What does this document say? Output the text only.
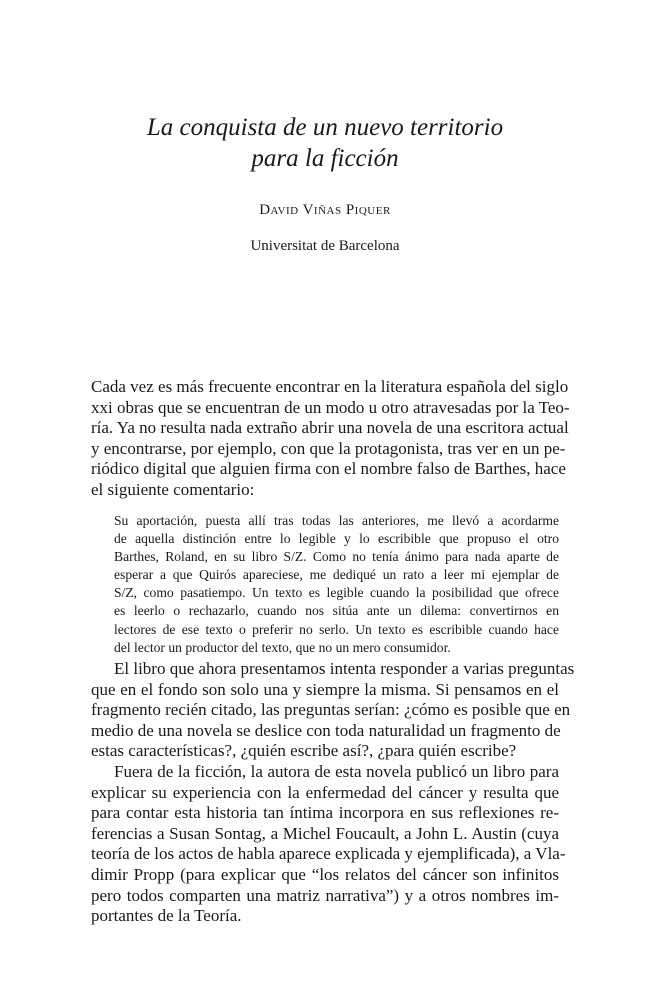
La conquista de un nuevo territorio
para la ficción
David Viñas Piquer
Universitat de Barcelona
Cada vez es más frecuente encontrar en la literatura española del siglo
xxi obras que se encuentran de un modo u otro atravesadas por la Teo-
ría. Ya no resulta nada extraño abrir una novela de una escritora actual
y encontrarse, por ejemplo, con que la protagonista, tras ver en un pe-
riódico digital que alguien firma con el nombre falso de Barthes, hace
el siguiente comentario:
Su aportación, puesta allí tras todas las anteriores, me llevó a acordarme
de aquella distinción entre lo legible y lo escribible que propuso el otro
Barthes, Roland, en su libro S/Z. Como no tenía ánimo para nada aparte de
esperar a que Quirós apareciese, me dediqué un rato a leer mi ejemplar de
S/Z, como pasatiempo. Un texto es legible cuando la posibilidad que ofrece
es leerlo o rechazarlo, cuando nos sitúa ante un dilema: convertirnos en
lectores de ese texto o preferir no serlo. Un texto es escribible cuando hace
del lector un productor del texto, que no un mero consumidor.
El libro que ahora presentamos intenta responder a varias preguntas
que en el fondo son solo una y siempre la misma. Si pensamos en el
fragmento recién citado, las preguntas serían: ¿cómo es posible que en
medio de una novela se deslice con toda naturalidad un fragmento de
estas características?, ¿quién escribe así?, ¿para quién escribe?
Fuera de la ficción, la autora de esta novela publicó un libro para
explicar su experiencia con la enfermedad del cáncer y resulta que
para contar esta historia tan íntima incorpora en sus reflexiones re-
ferencias a Susan Sontag, a Michel Foucault, a John L. Austin (cuya
teoría de los actos de habla aparece explicada y ejemplificada), a Vla-
dimir Propp (para explicar que “los relatos del cáncer son infinitos
pero todos comparten una matriz narrativa”) y a otros nombres im-
portantes de la Teoría.
